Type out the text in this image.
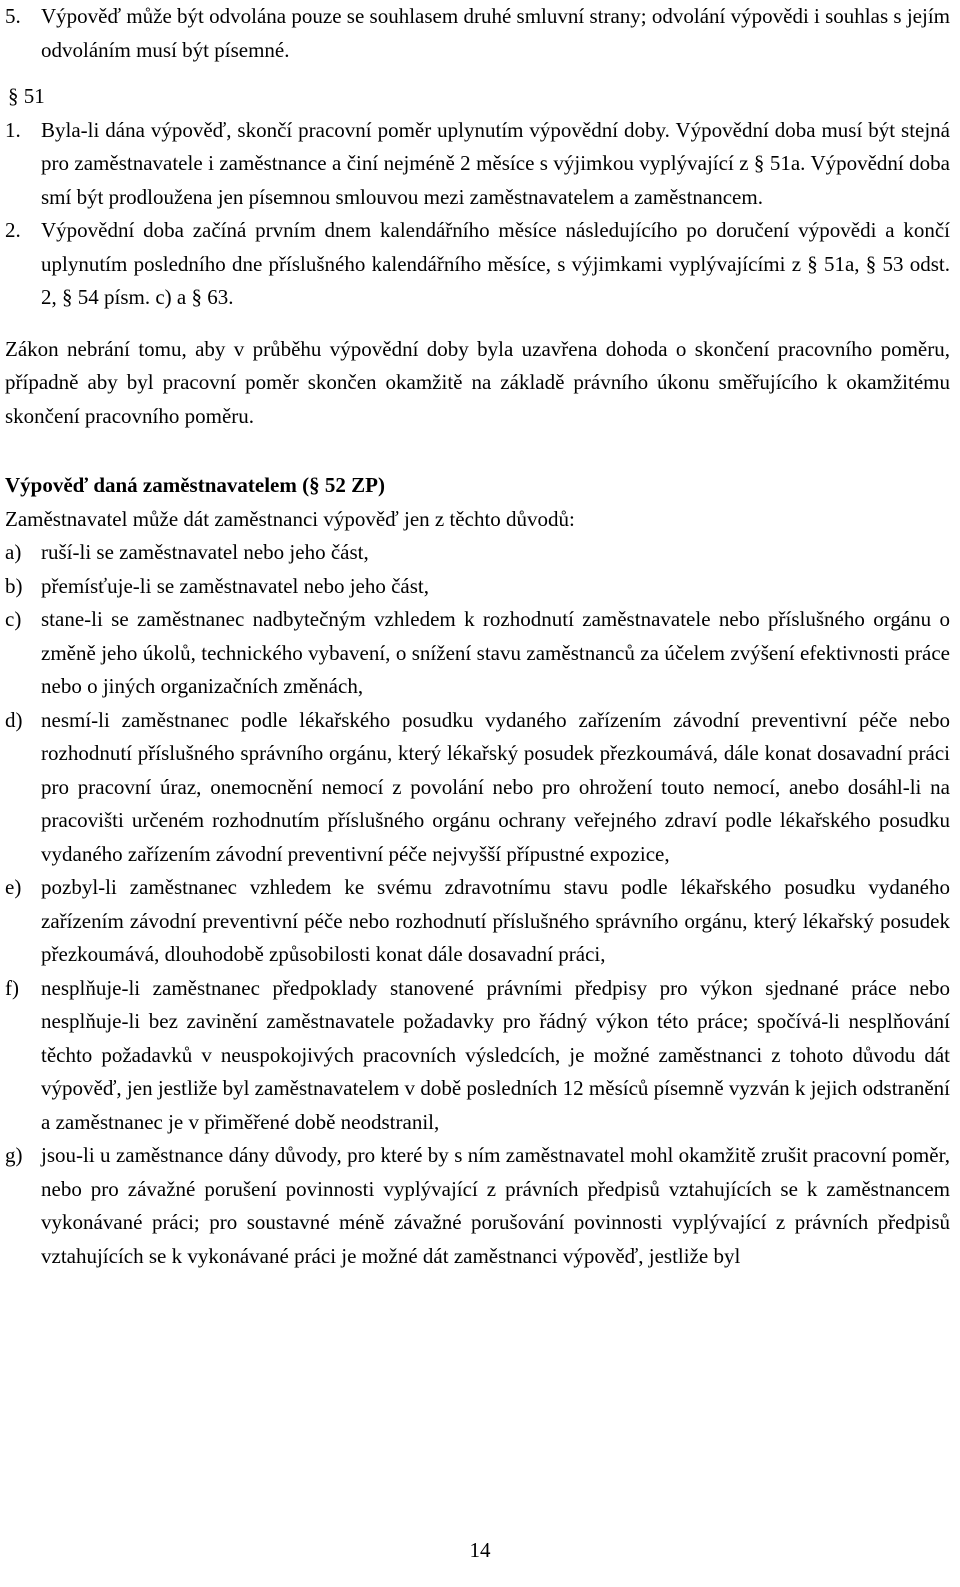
5. Výpověď může být odvolána pouze se souhlasem druhé smluvní strany; odvolání výpovědi i souhlas s jejím odvoláním musí být písemné.

§ 51

1. Byla-li dána výpověď, skončí pracovní poměr uplynutím výpovědní doby. Výpovědní doba musí být stejná pro zaměstnavatele i zaměstnance a činí nejméně 2 měsíce s výjimkou vyplývající z § 51a. Výpovědní doba smí být prodloužena jen písemnou smlouvou mezi zaměstnavatelem a zaměstnancem.
2. Výpovědní doba začíná prvním dnem kalendářního měsíce následujícího po doručení výpovědi a končí uplynutím posledního dne příslušného kalendářního měsíce, s výjimkami vyplývajícími z § 51a, § 53 odst. 2, § 54 písm. c) a § 63.

Zákon nebrání tomu, aby v průběhu výpovědní doby byla uzavřena dohoda o skončení pracovního poměru, případně aby byl pracovní poměr skončen okamžitě na základě právního úkonu směřujícího k okamžitému skončení pracovního poměru.

Výpověď daná zaměstnavatelem (§ 52 ZP)

Zaměstnavatel může dát zaměstnanci výpověď jen z těchto důvodů:

a) ruší-li se zaměstnavatel nebo jeho část,
b) přemísťuje-li se zaměstnavatel nebo jeho část,
c) stane-li se zaměstnanec nadbytečným vzhledem k rozhodnutí zaměstnavatele nebo příslušného orgánu o změně jeho úkolů, technického vybavení, o snížení stavu zaměstnanců za účelem zvýšení efektivnosti práce nebo o jiných organizačních změnách,
d) nesmí-li zaměstnanec podle lékařského posudku vydaného zařízením závodní preventivní péče nebo rozhodnutí příslušného správního orgánu, který lékařský posudek přezkoumává, dále konat dosavadní práci pro pracovní úraz, onemocnění nemocí z povolání nebo pro ohrožení touto nemocí, anebo dosáhl-li na pracovišti určeném rozhodnutím příslušného orgánu ochrany veřejného zdraví podle lékařského posudku vydaného zařízením závodní preventivní péče nejvyšší přípustné expozice,
e) pozbyl-li zaměstnanec vzhledem ke svému zdravotnímu stavu podle lékařského posudku vydaného zařízením závodní preventivní péče nebo rozhodnutí příslušného správního orgánu, který lékařský posudek přezkoumává, dlouhodobě způsobilosti konat dále dosavadní práci,
f)	nesplňuje-li zaměstnanec předpoklady stanovené právními předpisy pro výkon sjednané práce nebo nesplňuje-li bez zavinění zaměstnavatele požadavky pro řádný výkon této práce; spočívá-li nesplňování těchto požadavků v neuspokojivých pracovních výsledcích, je možné zaměstnanci z tohoto důvodu dát výpověď, jen jestliže byl zaměstnavatelem v době posledních 12 měsíců písemně vyzván k jejich odstranění a zaměstnanec je v přiměřené době neodstranil,
g) jsou-li u zaměstnance dány důvody, pro které by s ním zaměstnavatel mohl okamžitě zrušit pracovní poměr, nebo pro závažné porušení povinnosti vyplývající z právních předpisů vztahujících se k zaměstnancem vykonávané práci; pro soustavné méně závažné porušování povinnosti vyplývající z právních předpisů vztahujících se k vykonávané práci je možné dát zaměstnanci výpověď, jestliže byl
14
